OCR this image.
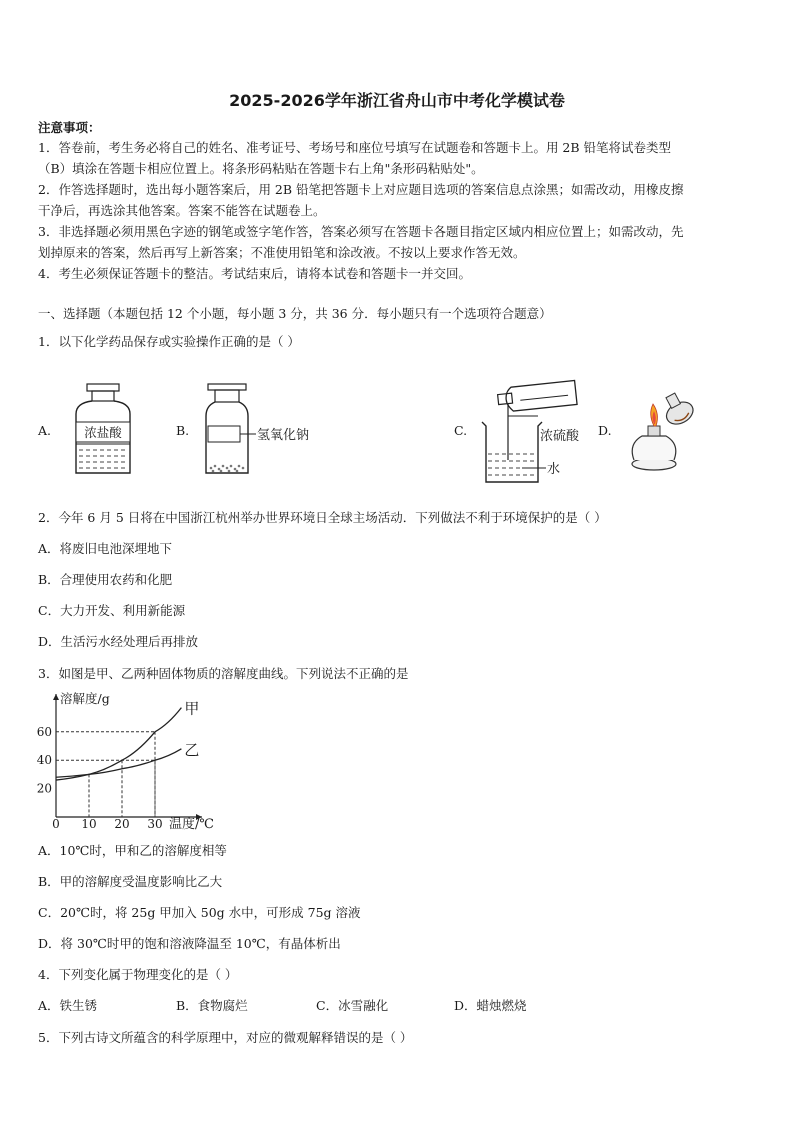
2025-2026学年浙江省舟山市中考化学模试卷
注意事项：
1．答卷前，考生务必将自己的姓名、准考证号、考场号和座位号填写在试题卷和答题卡上。用 2B 铅笔将试卷类型
（B）填涂在答题卡相应位置上。将条形码粘贴在答题卡右上角"条形码粘贴处"。
2．作答选择题时，选出每小题答案后，用 2B 铅笔把答题卡上对应题目选项的答案信息点涂黑；如需改动，用橡皮擦
干净后，再选涂其他答案。答案不能答在试题卷上。
3．非选择题必须用黑色字迹的钢笔或签字笔作答，答案必须写在答题卡各题目指定区域内相应位置上；如需改动，先
划掉原来的答案，然后再写上新答案；不准使用铅笔和涂改液。不按以上要求作答无效。
4．考生必须保证答题卡的整洁。考试结束后，请将本试卷和答题卡一并交回。
一、选择题（本题包括 12 个小题，每小题 3 分，共 36 分．每小题只有一个选项符合题意）
1．以下化学药品保存或实验操作正确的是（ ）
A.	浓盐酸	B.	氢氧化钠	C.	浓硫酸
水
D.
2．今年 6 月 5 日将在中国浙江杭州举办世界环境日全球主场活动．下列做法不利于环境保护的是（ ）
A．将废旧电池深埋地下
B．合理使用农药和化肥
C．大力开发、利用新能源
D．生活污水经处理后再排放
3．如图是甲、乙两种固体物质的溶解度曲线。下列说法不正确的是
甲
乙
0 10 20 30
20
40
60
溶解度/g
温度/℃
A．10℃时，甲和乙的溶解度相等
B．甲的溶解度受温度影响比乙大
C．20℃时，将 25g 甲加入 50g 水中，可形成 75g 溶液
D．将 30℃时甲的饱和溶液降温至 10℃，有晶体析出
4．下列变化属于物理变化的是（ ）
A．铁生锈	B．食物腐烂	C．冰雪融化	D．蜡烛燃烧
5．下列古诗文所蕴含的科学原理中，对应的微观解释错误的是（ ）
